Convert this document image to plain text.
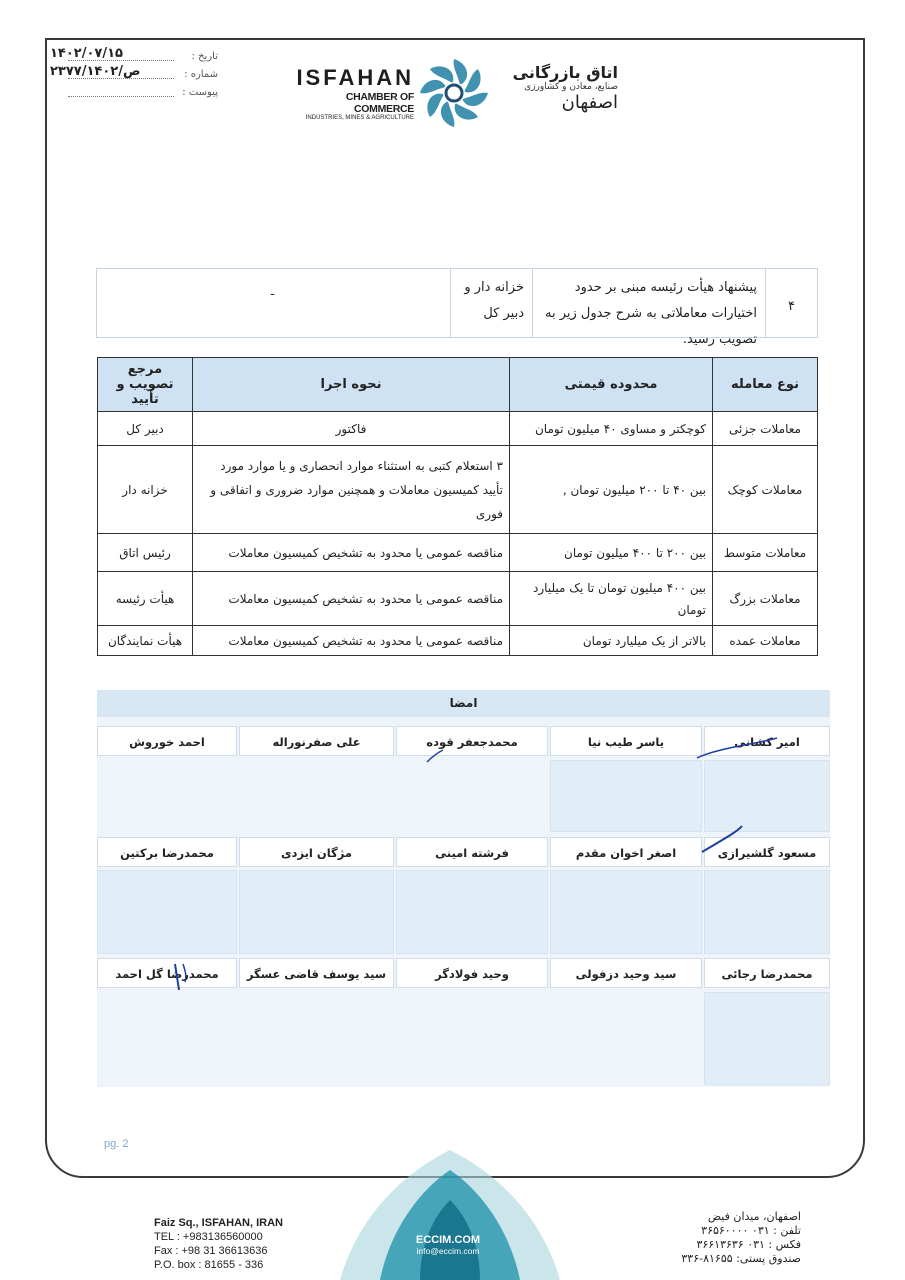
تاریخ :
۱۴۰۲/۰۷/۱۵
شماره :
۲۳۷۷/ص/۱۴۰۲
پیوست :
ISFAHAN
CHAMBER OF COMMERCE
INDUSTRIES, MINES & AGRICULTURE
اتاق بازرگانی
صنایع، معادن و کشاورزی
اصفهان
۴
پیشنهاد هیأت رئیسه مبنی بر حدود اختیارات معاملاتی به شرح جدول زیر به تصویب رسید.
خزانه دار و دبیر کل
-
نوع معامله	محدوده قیمتی	نحوه اجرا	مرجع تصویب و تأیید
معاملات جزئی	کوچکتر و مساوی ۴۰ میلیون تومان	فاکتور	دبیر کل
معاملات کوچک	بین ۴۰ تا ۲۰۰ میلیون تومان ,	۳ استعلام کتبی به استثناء موارد انحصاری و یا موارد مورد تأیید کمیسیون معاملات و همچنین موارد ضروری و اتفاقی و فوری	خزانه دار
معاملات متوسط	بین ۲۰۰ تا ۴۰۰ میلیون تومان	مناقصه عمومی یا محدود به تشخیص کمیسیون معاملات	رئیس اتاق
معاملات بزرگ	بین ۴۰۰ میلیون تومان تا یک میلیارد تومان	مناقصه عمومی یا محدود به تشخیص کمیسیون معاملات	هیأت رئیسه
معاملات عمده	بالاتر از یک میلیارد تومان	مناقصه عمومی یا محدود به تشخیص کمیسیون معاملات	هیأت نمایندگان
امضا
امیر کشانی
یاسر طیب نیا
محمدجعفر قوده
علی صفرنوراله
احمد خوروش
مسعود گلشیرازی
اصغر اخوان مقدم
فرشته امینی
مژگان ایزدی
محمدرضا برکتین
محمدرضا رجائی
سید وحید دزفولی
وحید فولادگر
سید یوسف قاضی عسگر
محمدرضا گل احمد
pg. 2
Faiz Sq., ISFAHAN, IRAN
TEL : +983136560000
Fax : +98 31 36613636
P.O. box : 81655 - 336
ECCIM.COM
info@eccim.com
اصفهان، میدان فیض
تلفن : ۰۳۱ ۳۶۵۶۰۰۰۰
فکس : ۰۳۱ ۳۶۶۱۳۶۳۶
صندوق پستی: ۸۱۶۵۵-۳۳۶
